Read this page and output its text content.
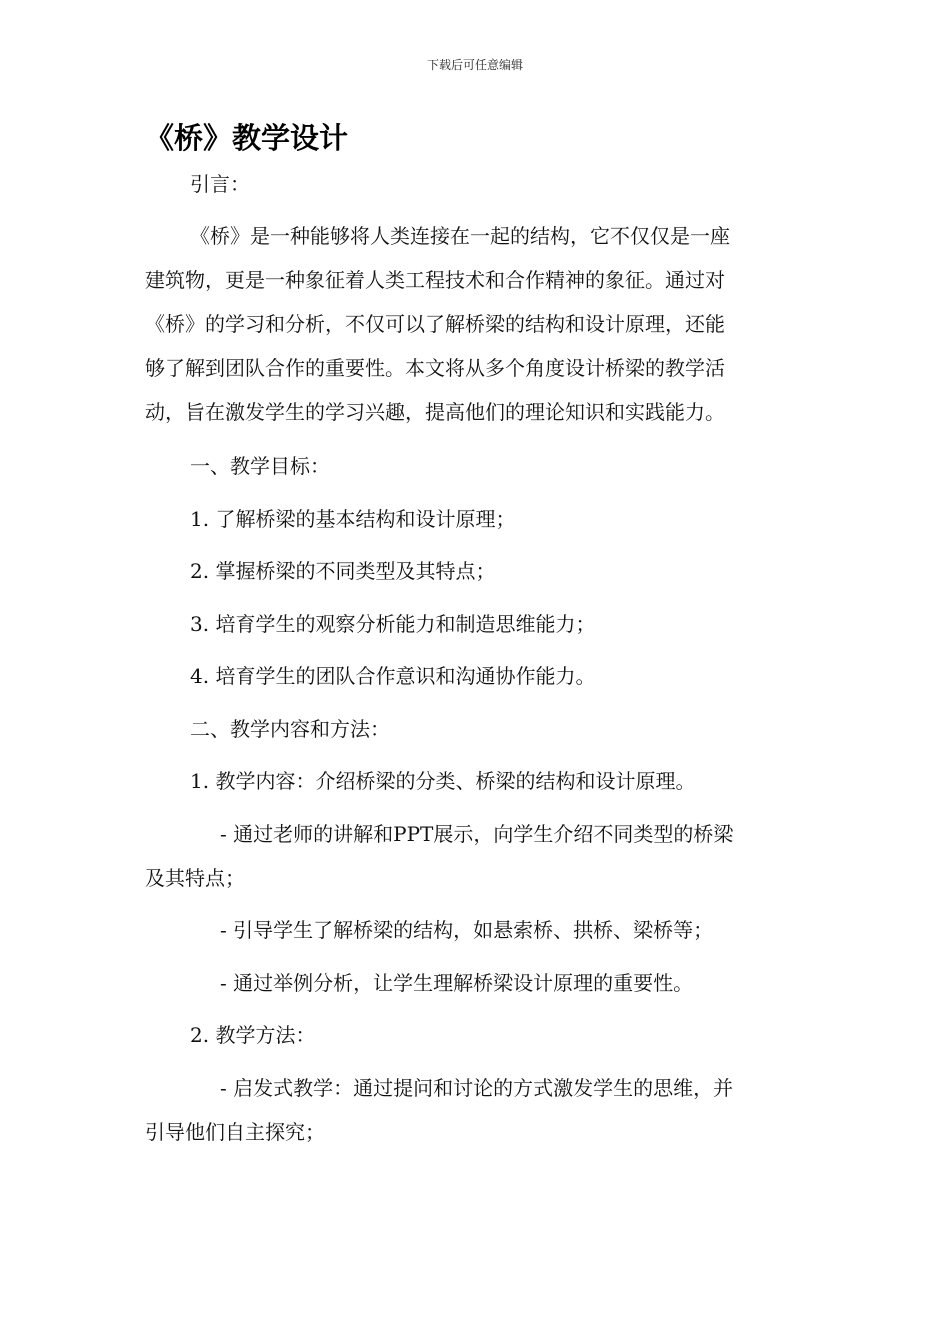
下载后可任意编辑
《桥》教学设计
引言：
《桥》是一种能够将人类连接在一起的结构，它不仅仅是一座
建筑物，更是一种象征着人类工程技术和合作精神的象征。通过对
《桥》的学习和分析，不仅可以了解桥梁的结构和设计原理，还能
够了解到团队合作的重要性。本文将从多个角度设计桥梁的教学活
动，旨在激发学生的学习兴趣，提高他们的理论知识和实践能力。
一、教学目标：
1. 了解桥梁的基本结构和设计原理；
2. 掌握桥梁的不同类型及其特点；
3. 培育学生的观察分析能力和制造思维能力；
4. 培育学生的团队合作意识和沟通协作能力。
二、教学内容和方法：
1. 教学内容：介绍桥梁的分类、桥梁的结构和设计原理。
- 通过老师的讲解和PPT展示，向学生介绍不同类型的桥梁
及其特点；
- 引导学生了解桥梁的结构，如悬索桥、拱桥、梁桥等；
- 通过举例分析，让学生理解桥梁设计原理的重要性。
2. 教学方法：
- 启发式教学：通过提问和讨论的方式激发学生的思维，并
引导他们自主探究；
